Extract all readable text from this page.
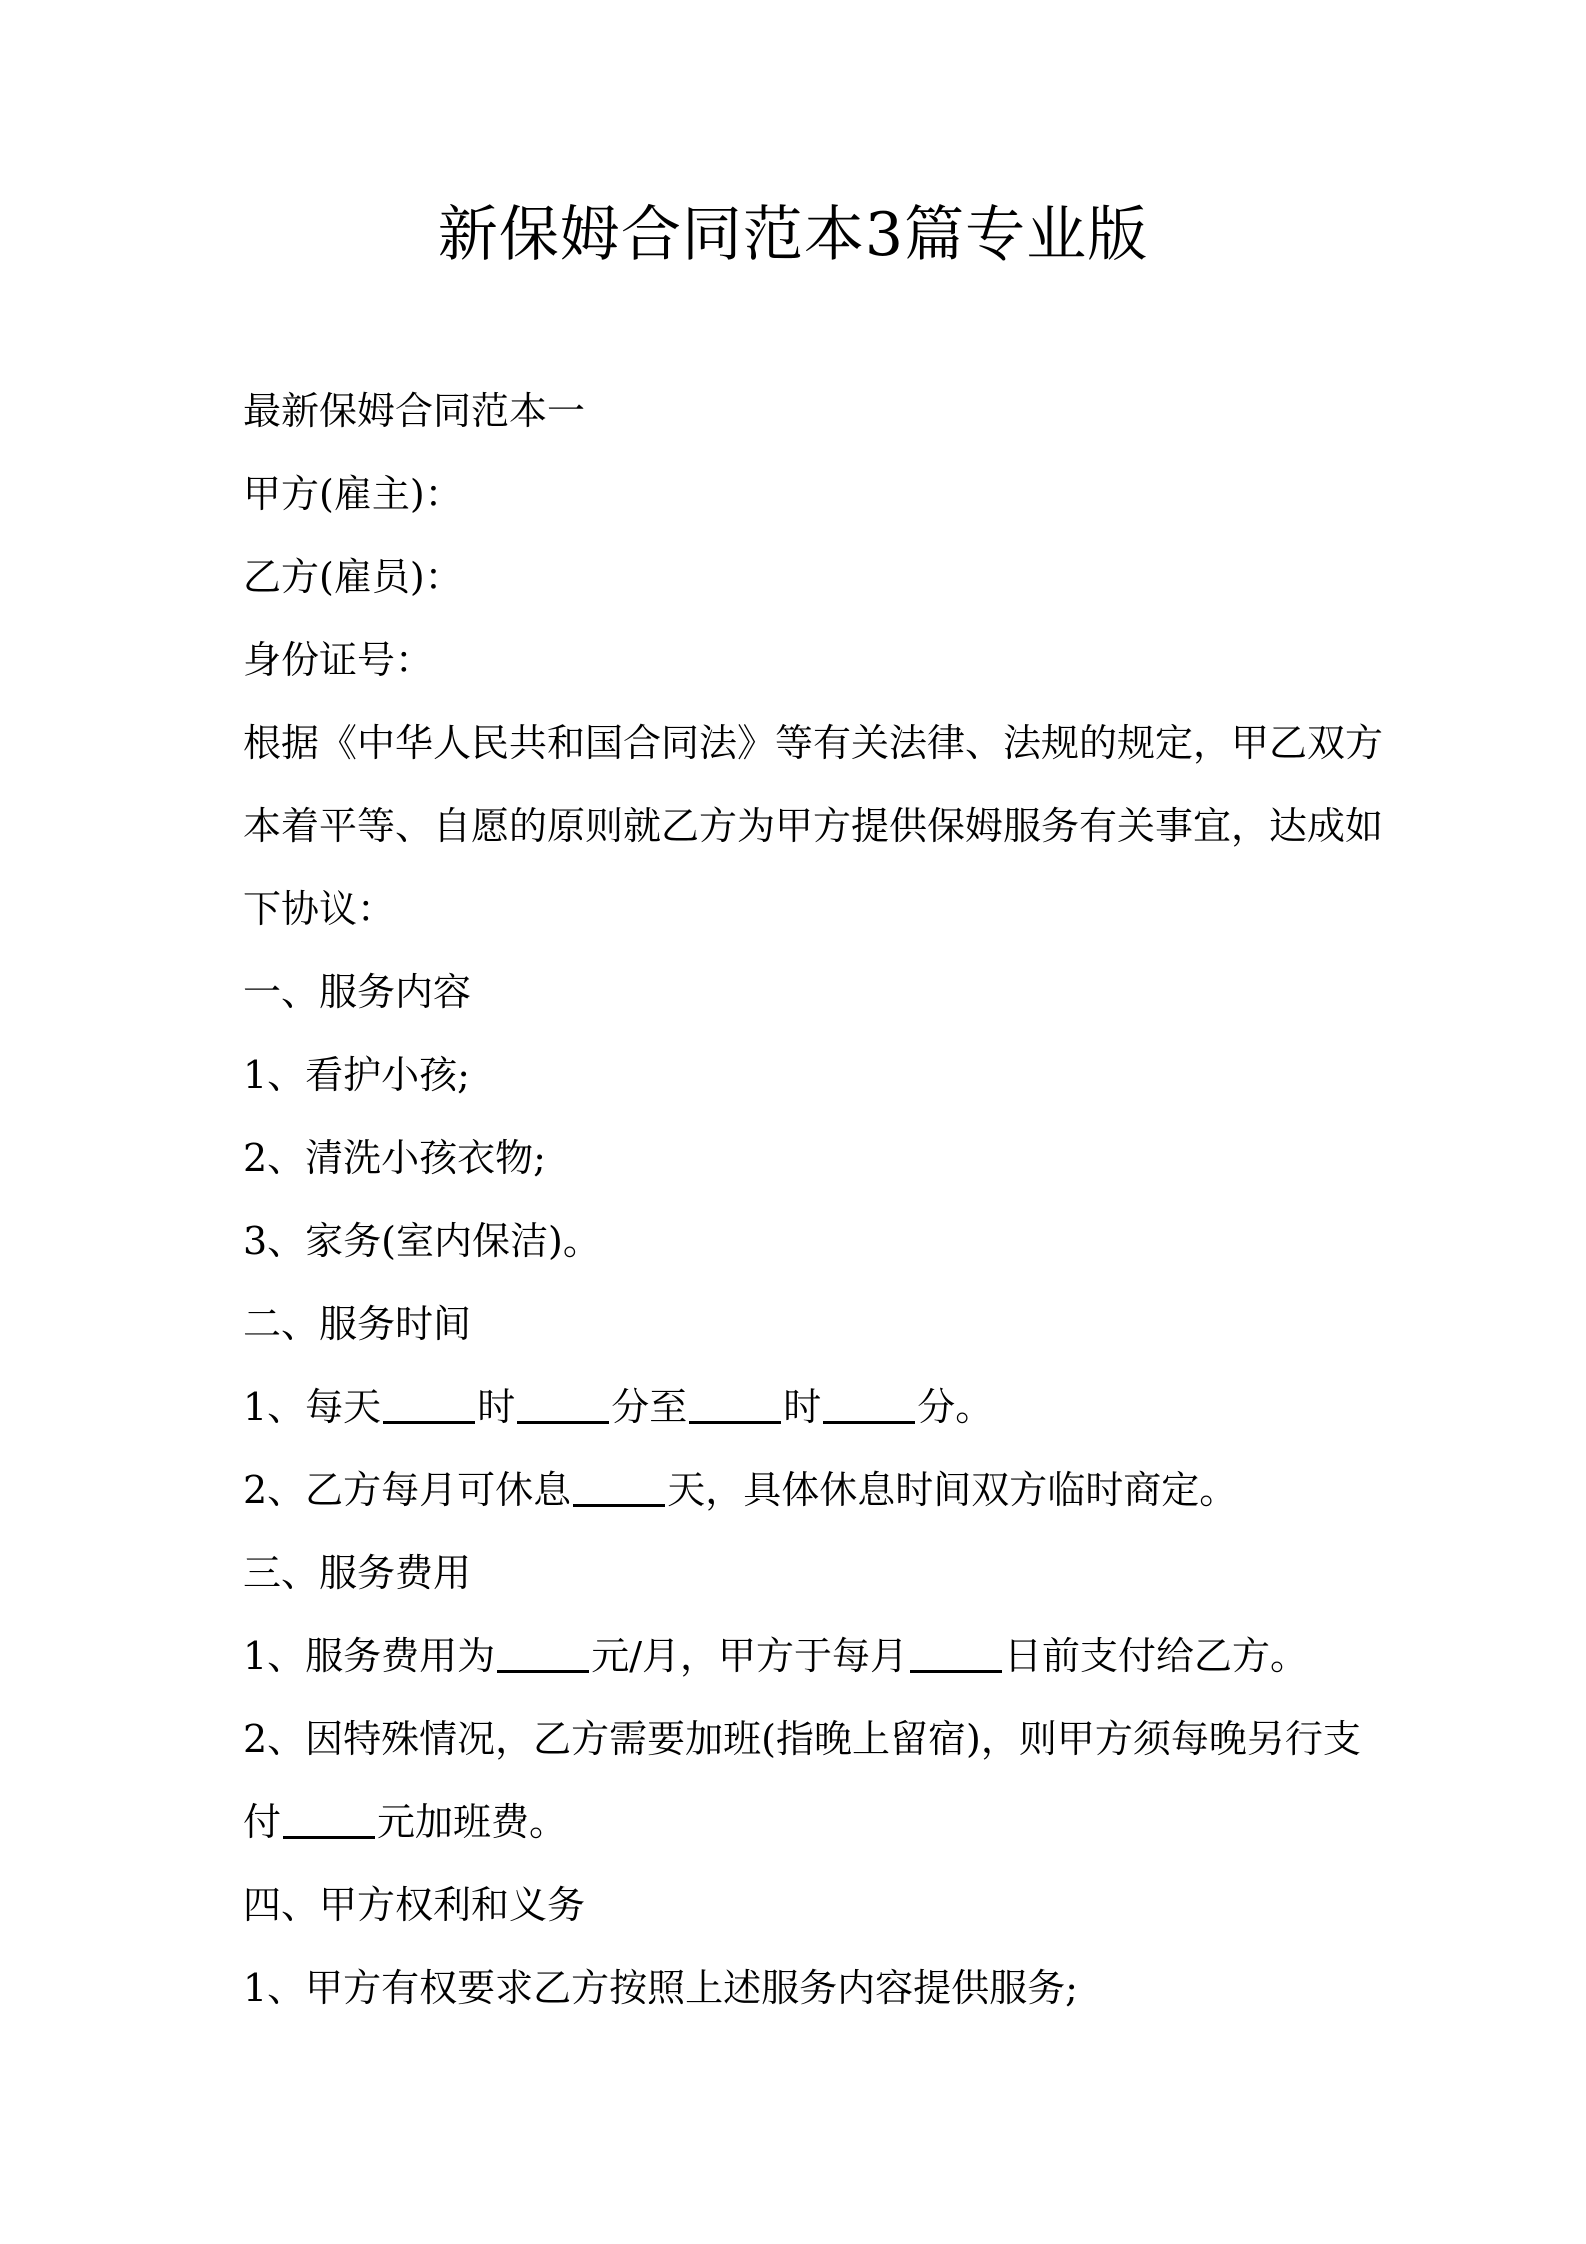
新保姆合同范本3篇专业版

最新保姆合同范本一

甲方(雇主)：

乙方(雇员)：

身份证号：

根据《中华人民共和国合同法》等有关法律、法规的规定，甲乙双方

本着平等、自愿的原则就乙方为甲方提供保姆服务有关事宜，达成如

下协议：

一、服务内容

1、看护小孩;

2、清洗小孩衣物;

3、家务(室内保洁)。

二、服务时间

1、每天	时	分至	时	分。

2、乙方每月可休息	天，具体休息时间双方临时商定。

三、服务费用

1、服务费用为	元/月，甲方于每月	日前支付给乙方。

2、因特殊情况，乙方需要加班(指晚上留宿)，则甲方须每晚另行支

付	元加班费。

四、甲方权利和义务

1、甲方有权要求乙方按照上述服务内容提供服务;
